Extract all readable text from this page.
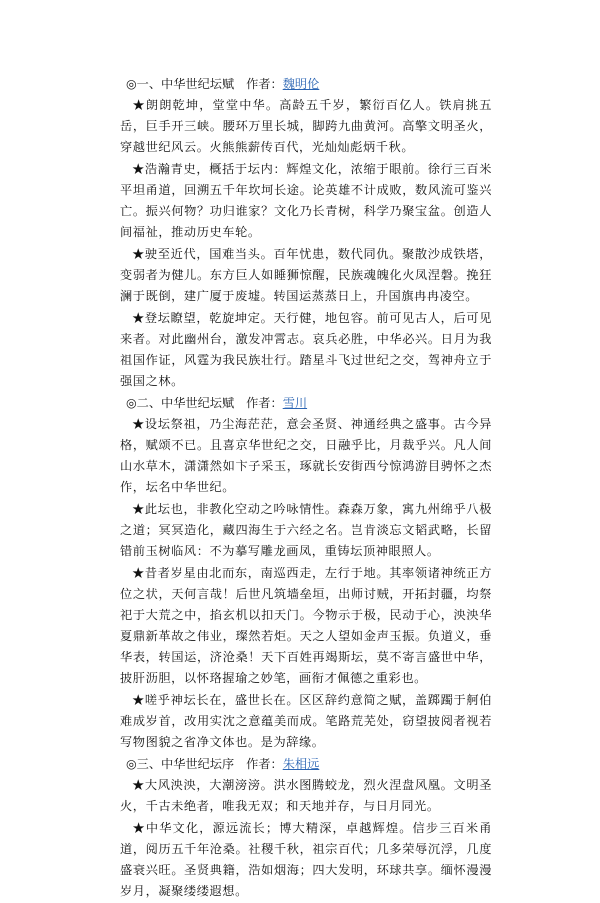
◎一、中华世纪坛赋 作者：魏明伦

★朗朗乾坤，堂堂中华。高龄五千岁，繁衍百亿人。铁肩挑五岳，巨手开三峡。腰环万里长城，脚跨九曲黄河。高擎文明圣火，穿越世纪风云。火熊熊薪传百代，光灿灿彪炳千秋。

★浩瀚青史，概括于坛内：辉煌文化，浓缩于眼前。徐行三百米平坦甬道，回溯五千年坎坷长途。论英雄不计成败，数风流可鉴兴亡。振兴何物？功归谁家？文化乃长青树，科学乃聚宝盆。创造人间福祉，推动历史车轮。

★驶至近代，国难当头。百年忧患，数代同仇。聚散沙成铁塔，变弱者为健儿。东方巨人如睡狮惊醒，民族魂魄化火凤涅磐。挽狂澜于既倒，建广厦于废墟。转国运蒸蒸日上，升国旗冉冉凌空。

★登坛瞭望，乾旋坤定。天行健，地包容。前可见古人，后可见来者。对此幽州台，激发冲霄志。哀兵必胜，中华必兴。日月为我祖国作证，风霆为我民族壮行。踏星斗飞过世纪之交，驾神舟立于强国之林。

◎二、中华世纪坛赋 作者：雪川

★设坛祭祖，乃尘海茫茫，意会圣贤、神通经典之盛事。古今异格，赋颂不已。且喜京华世纪之交，日融乎比，月裁乎兴。凡人间山水草木，潇潇然如卞子采玉，琢就长安街西兮惊鸿游目骋怀之杰作，坛名中华世纪。

★此坛也，非教化空动之吟咏情性。森森万象，寓九州绵乎八极之道；冥冥造化，藏四海生于六经之名。岂肯淡忘文韬武略，长留错前玉树临风：不为摹写雕龙画凤，重铸坛顶神眼照人。

★昔者岁星由北而东，南巡西走，左行于地。其率领诸神统正方位之状，天何言哉！后世凡筑墙垒垣，出师讨贼，开拓封疆，均祭祀于大荒之中，掐玄机以扣天门。今物示于极，民动于心，泱泱华夏鼎新革故之伟业，璨然若炬。天之人望如金声玉振。负道义，垂华表，转国运，济沧桑！天下百姓再竭斯坛，莫不寄言盛世中华，披肝沥胆，以怀珞握瑜之妙笔，画衔才佩德之重彩也。

★嗟乎神坛长在，盛世长在。区区辞约意简之赋，盖踯躅于舸伯难成岁首，改用实沈之意蕴美而成。笔路荒芜处，窃望披阅者视若写物图貌之省净文体也。是为辞缘。

◎三、中华世纪坛序 作者：朱相远

★大风泱泱，大潮滂滂。洪水图腾蛟龙，烈火涅盘风凰。文明圣火，千古未绝者，唯我无双；和天地并存，与日月同光。

★中华文化，源远流长；博大精深，卓越辉煌。信步三百米甬道，阅历五千年沧桑。社稷千秋，祖宗百代；几多荣辱沉浮，几度盛衰兴旺。圣贤典籍，浩如烟海；四大发明，环球共享。缅怀漫漫岁月，凝聚缕缕遐想。
